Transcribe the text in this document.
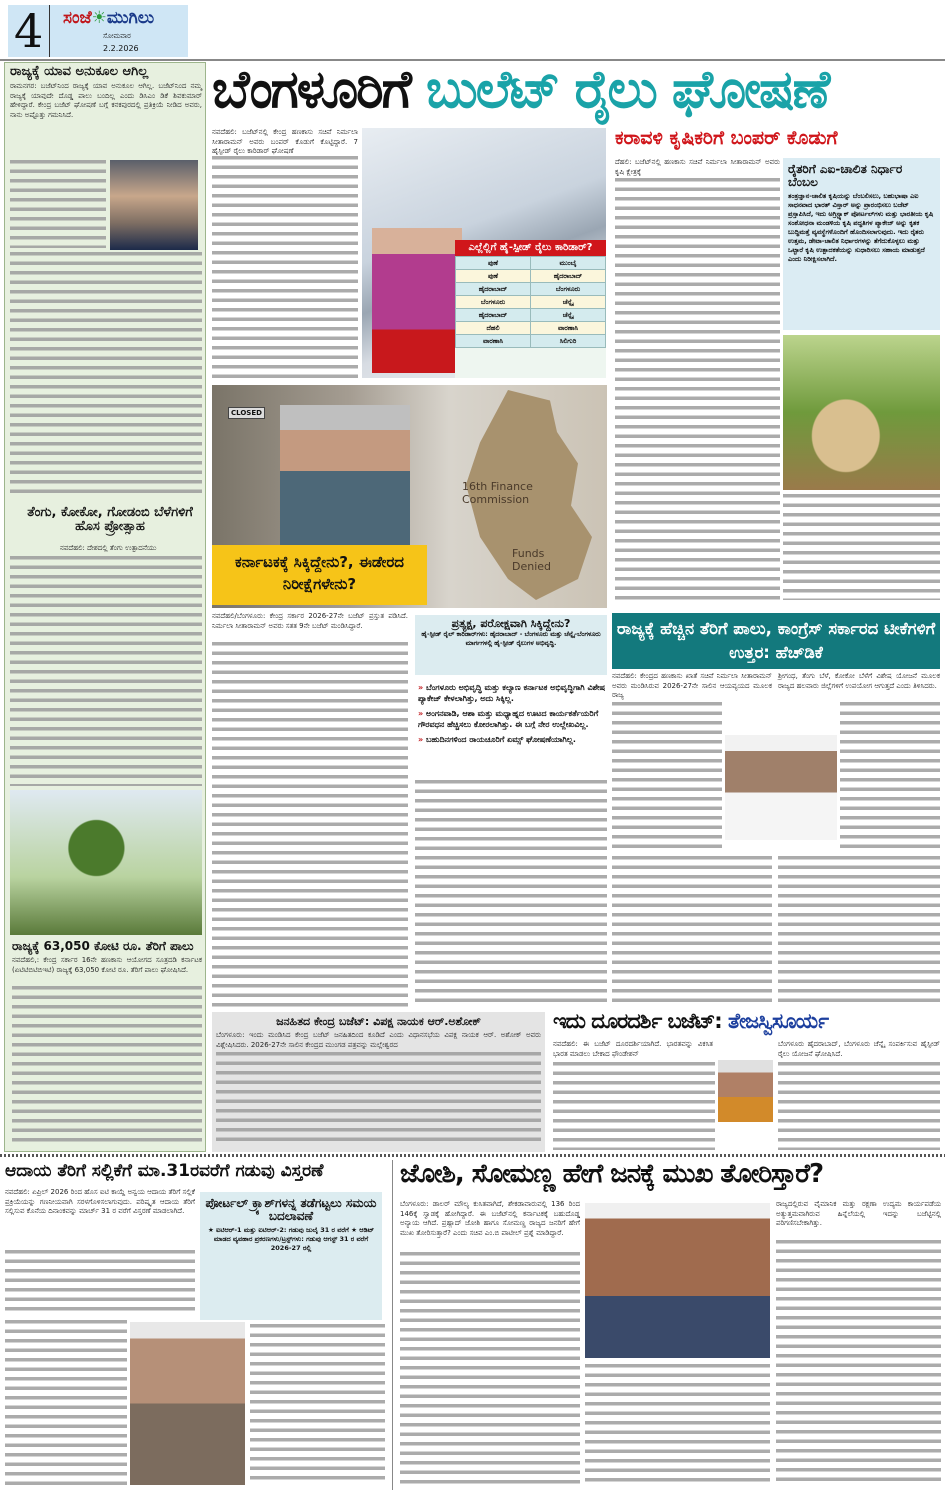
4	ಸಂಜೆ☀ಮುಗಿಲು
ಸೋಮವಾರ
2.2.2026
ರಾಜ್ಯಕ್ಕೆ ಯಾವ ಅನುಕೂಲ ಆಗಿಲ್ಲ
ರಾಮನಗರ: ಬಜೆಟ್‌ನಿಂದ ರಾಜ್ಯಕ್ಕೆ ಯಾವ ಅನುಕೂಲ ಆಗಿಲ್ಲ. ಬಜೆಟ್‌ನಿಂದ ನಮ್ಮ ರಾಜ್ಯಕ್ಕೆ ಯಾವುದೇ ದೊಡ್ಡ ಪಾಲು ಬಂದಿಲ್ಲ ಎಂದು ಡಿಸಿಎಂ ಡಿಕೆ ಶಿವಕುಮಾರ್ ಹೇಳಿದ್ದಾರೆ. ಕೇಂದ್ರ ಬಜೆಟ್ ಘೋಷಣೆ ಬಗ್ಗೆ ಕನಕಪುರದಲ್ಲಿ ಪ್ರತಿಕ್ರಿಯೆ ನೀಡಿದ ಅವರು, ನಾನು ಅಷ್ಟೊತ್ತು ಗಮನಿಸಿದೆ.
ತೆಂಗು, ಕೋಕೋ, ಗೋಡಂಬಿ ಬೆಳೆಗಳಿಗೆ ಹೊಸ ಪ್ರೋತ್ಸಾಹ
ನವದೆಹಲಿ: ದೇಶದಲ್ಲಿ ತೆಂಗು ಉತ್ಪಾದನೆಯು
ರಾಜ್ಯಕ್ಕೆ 63,050 ಕೋಟಿ ರೂ. ತೆರಿಗೆ ಪಾಲು
ನವದೆಹಲಿ,: ಕೇಂದ್ರ ಸರ್ಕಾರ 16ನೇ ಹಣಕಾಸು ಆಯೋಗದ ಸೂತ್ರದಡಿ ಕರ್ನಾಟಕ (ಏಟಿಟಿಬಿಟಿಬಿಇಟಿ) ರಾಜ್ಯಕ್ಕೆ 63,050 ಕೋಟಿ ರೂ. ತೆರಿಗೆ ಪಾಲು ಘೋಷಿಸಿದೆ.
ಬೆಂಗಳೂರಿಗೆ ಬುಲೆಟ್ ರೈಲು ಘೋಷಣೆ
ನವದೆಹಲಿ: ಬಜೆಟ್‌ನಲ್ಲಿ ಕೇಂದ್ರ ಹಣಕಾಸು ಸಚಿವೆ ನಿರ್ಮಲಾ ಸೀತಾರಾಮನ್ ಅವರು ಬಂಪರ್ ಕೊಡುಗೆ ಕೊಟ್ಟಿದ್ದಾರೆ. 7 ಹೈಸ್ಪೀಡ್ ರೈಲು ಕಾರಿಡಾರ್ ಘೋಷಣೆ
ಎಲ್ಲೆಲ್ಲಿಗೆ ಹೈ-ಸ್ಪೀಡ್ ರೈಲು ಕಾರಿಡಾರ್?
ಪುಣೆ	ಮುಂಬೈ
ಪುಣೆ	ಹೈದರಾಬಾದ್
ಹೈದರಾಬಾದ್	ಬೆಂಗಳೂರು
ಬೆಂಗಳೂರು	ಚೆನ್ನೈ
ಹೈದರಾಬಾದ್	ಚೆನ್ನೈ
ದೆಹಲಿ	ವಾರಣಾಸಿ
ವಾರಣಾಸಿ	ಸಿಲಿಗುರಿ
ಕರಾವಳಿ ಕೃಷಿಕರಿಗೆ ಬಂಪರ್ ಕೊಡುಗೆ
ದೆಹಲಿ: ಬಜೆಟ್‌ನಲ್ಲಿ ಹಣಕಾಸು ಸಚಿವೆ ನಿರ್ಮಲಾ ಸೀತಾರಾಮನ್ ಅವರು ಕೃಷಿ ಕ್ಷೇತ್ರಕ್ಕೆ	ರೈತರಿಗೆ ಎಐ-ಚಾಲಿತ ನಿರ್ಧಾರ ಬೆಂಬಲ
ತಂತ್ರಜ್ಞಾನ-ಚಾಲಿತ ಕೃಷಿಯನ್ನು ಬೆಂಬಲಿಸಲು, ಬಹುಭಾಷಾ ಎಐ ಸಾಧನವಾದ ಭಾರತ್ ವಿಸ್ತಾರ್ ಅನ್ನು ಪ್ರಾರಂಭಿಸಲು ಬಜೆಟ್ ಪ್ರಸ್ತಾಪಿಸಿದೆ, ಇದು ಅಗ್ರಿಸ್ಟ್ಯಾಕ್ ಪೋರ್ಟಲ್‌ಗಳು ಮತ್ತು ಭಾರತೀಯ ಕೃಷಿ ಸಂಶೋಧನಾ ಮಂಡಳಿಯ ಕೃಷಿ ಪದ್ಧತಿಗಳ ಪ್ಯಾಕೇಜ್ ಅನ್ನು ಕೃತಕ ಬುದ್ಧಿಮತ್ತೆ ವ್ಯವಸ್ಥೆಗಳೊಂದಿಗೆ ಹೊಂದಿಸಲಾಗುವುದು. ಇದು ರೈತರು ಉತ್ತಮ, ಡೇಟಾ-ಚಾಲಿತ ನಿರ್ಧಾರಗಳನ್ನು ತೆಗೆದುಕೊಳ್ಳಲು ಮತ್ತು ಒಟ್ಟಾರೆ ಕೃಷಿ ಉತ್ಪಾದಕತೆಯನ್ನು ಸುಧಾರಿಸಲು ಸಹಾಯ ಮಾಡುತ್ತದೆ ಎಂದು ನಿರೀಕ್ಷಿಸಲಾಗಿದೆ.
CLOSED
16th Finance Commission
Funds Denied
ಕರ್ನಾಟಕಕ್ಕೆ ಸಿಕ್ಕಿದ್ದೇನು?, ಈಡೇರದ ನಿರೀಕ್ಷೆಗಳೇನು?
ನವದೆಹಲಿ/ಬೆಂಗಳೂರು: ಕೇಂದ್ರ ಸರ್ಕಾರ 2026-27ನೇ ಬಜೆಟ್ ಪ್ರಸ್ತುತ ಪಡಿಸಿದೆ. ನಿರ್ಮಲಾ ಸೀತಾರಾಮನ್ ಅವರು ಸತತ 9ನೇ ಬಜೆಟ್ ಮಂಡಿಸಿದ್ದಾರೆ.	ಪ್ರತ್ಯಕ್ಷ, ಪರೋಕ್ಷವಾಗಿ ಸಿಕ್ಕಿದ್ದೇನು?
ಹೈ-ಸ್ಪೀಡ್ ರೈಲ್ ಕಾರಿಡಾರ್‌ಗಳು: ಹೈದರಾಬಾದ್ - ಬೆಂಗಳೂರು ಮತ್ತು ಚೆನ್ನೈ-ಬೆಂಗಳೂರು ಮಾರ್ಗಗಳಲ್ಲಿ ಹೈ-ಸ್ಪೀಡ್ ರೈಲುಗಳ ಅಭಿವೃದ್ಧಿ.
» ಬೆಂಗಳೂರು ಅಭಿವೃದ್ಧಿ ಮತ್ತು ಕಲ್ಯಾಣ ಕರ್ನಾಟಕ ಅಭಿವೃದ್ಧಿಗಾಗಿ ವಿಶೇಷ ಪ್ಯಾಕೇಜ್ ಕೇಳಲಾಗಿತ್ತು, ಅದು ಸಿಕ್ಕಿಲ್ಲ.
» ಅಂಗನವಾಡಿ, ಆಶಾ ಮತ್ತು ಮಧ್ಯಾಹ್ನದ ಊಟದ ಕಾರ್ಯಕರ್ತೆಯರಿಗೆ ಗೌರವಧನ ಹೆಚ್ಚಿಸಲು ಕೋರಲಾಗಿತ್ತು. ಈ ಬಗ್ಗೆ ನೇರ ಉಲ್ಲೇಖವಿಲ್ಲ.
» ಬಹುದಿನಗಳಿಂದ ರಾಯಚೂರಿಗೆ ಏಮ್ಸ್ ಘೋಷಣೆಯಾಗಿಲ್ಲ.
ರಾಜ್ಯಕ್ಕೆ ಹೆಚ್ಚಿನ ತೆರಿಗೆ ಪಾಲು, ಕಾಂಗ್ರೆಸ್ ಸರ್ಕಾರದ ಟೀಕೆಗಳಿಗೆ ಉತ್ತರ: ಹೆಚ್‌ಡಿಕೆ
ನವದೆಹಲಿ: ಕೇಂದ್ರದ ಹಣಕಾಸು ಖಾತೆ ಸಚಿವೆ ನಿರ್ಮಲಾ ಸೀತಾರಾಮನ್ ಅವರು ಮಂಡಿಸಿರುವ 2026-27ನೇ ಸಾಲಿನ ಆಯವ್ಯಯದ ಮೂಲಕ ರಾಜ್ಯ
ಶ್ರೀಗಂಧ, ತೆಂಗು ಬೆಳೆ, ಕೋಕೋ ಬೆಳೆಗೆ ವಿಶೇಷ ಯೋಜನೆ ಮೂಲಕ ರಾಜ್ಯದ ಹಲವಾರು ಜಿಲ್ಲೆಗಳಿಗೆ ಉಪಯೋಗ ಆಗುತ್ತದೆ ಎಂದು ತಿಳಿಸಿದರು.
ಜನಹಿತದ ಕೇಂದ್ರ ಬಜೆಟ್: ವಿಪಕ್ಷ ನಾಯಕ ಆರ್.ಅಶೋಕ್
ಬೆಂಗಳೂರು: ಇಂದು ಮಂಡಿಸಿದ ಕೇಂದ್ರ ಬಜೆಟ್ ಜನಹಿತದಿಂದ ಕೂಡಿದೆ ಎಂದು ವಿಧಾನಸಭೆಯ ವಿಪಕ್ಷ ನಾಯಕ ಆರ್. ಅಶೋಕ್ ಅವರು ವಿಶ್ಲೇಷಿಸಿದರು. 2026-27ನೇ ಸಾಲಿನ ಕೇಂದ್ರದ ಮುಂಗಡ ಪತ್ರವನ್ನು ಮಲ್ಲೇಶ್ವರದ
ಇದು ದೂರದರ್ಶಿ ಬಜೆಟ್: ತೇಜಸ್ವಿಸೂರ್ಯ
ನವದೆಹಲಿ: ಈ ಬಜೆಟ್ ದೂರದರ್ಶಿಯಾಗಿದೆ. ಭಾರತವನ್ನು ವಿಕಸಿತ ಭಾರತ ಮಾಡಲು ಬೇಕಾದ ಫೌಂಡೇಶನ್
ಬೆಂಗಳೂರು ಹೈದರಾಬಾದ್, ಬೆಂಗಳೂರು ಚೆನ್ನೈ ಸಂಪರ್ಕಿಸುವ ಹೈಸ್ಪೀಡ್ ರೈಲು ಯೋಜನೆ ಘೋಷಿಸಿದೆ.
ಆದಾಯ ತೆರಿಗೆ ಸಲ್ಲಿಕೆಗೆ ಮಾ.31ರವರೆಗೆ ಗಡುವು ವಿಸ್ತರಣೆ
ನವದೆಹಲಿ: ಏಪ್ರಿಲ್ 2026 ರಿಂದ ಹೊಸ ಐಟಿ ಕಾಯ್ದೆ ಅನ್ವಯ ಆದಾಯ ತೆರಿಗೆ ಸಲ್ಲಿಕೆ ಪ್ರಕ್ರಿಯೆಯನ್ನು ಗಣನೀಯವಾಗಿ ಸರಳಗೊಳಿಸಲಾಗುವುದು. ಪರಿಷ್ಕೃತ ಆದಾಯ ತೆರಿಗೆ ಸಲ್ಲಿಸುವ ಕೊನೆಯ ದಿನಾಂಕವನ್ನು ಮಾರ್ಚ್ 31 ರ ವರೆಗೆ ವಿಸ್ತರಣೆ ಮಾಡಲಾಗಿದೆ.
ಪೋರ್ಟಲ್ ಕ್ರ್ಯಾಶ್‌ಗಳನ್ನ ತಡೆಗಟ್ಟಲು ಸಮಯ ಬದಲಾವಣೆ
★ ಐಟಿಆರ್-1 ಮತ್ತು ಐಟಿಆರ್-2: ಗಡುವು ಜುಲೈ 31 ರ ವರೆಗೆ ★ ಆಡಿಟ್ ಮಾಡದ ವ್ಯವಹಾರ ಪ್ರಕರಣಗಳು/ಟ್ರಸ್ಟ್‌ಗಳು: ಗಡುವು ಆಗಸ್ಟ್ 31 ರ ವರೆಗೆ 2026-27 ರಲ್ಲಿ
ಜೋಶಿ, ಸೋಮಣ್ಣ ಹೇಗೆ ಜನಕ್ಕೆ ಮುಖ ತೋರಿಸ್ತಾರೆ?
ಬೆಂಗಳೂರು: ಡಾಲರ್ ಮೌಲ್ಯ ಕುಸಿತವಾಗಿದೆ, ಶೇಕಡಾವಾರುವಲ್ಲಿ 136 ರಿಂದ 146ಕ್ಕೆ ಸ್ವಾಡಕ್ಕೆ ಹೋಗಿದ್ದಾರೆ. ಈ ಬಜೆಟ್‌ನಲ್ಲಿ ಕರ್ನಾಟಕಕ್ಕೆ ಬಹುದೊಡ್ಡ ಅನ್ಯಾಯ ಆಗಿದೆ. ಪ್ರಹ್ಲಾದ್ ಜೋಶಿ ಹಾಗೂ ಸೋಮಣ್ಣ ರಾಜ್ಯದ ಜನರಿಗೆ ಹೇಗೆ ಮುಖ ತೋರಿಸುತ್ತಾರೆ? ಎಂದು ಸಚಿವ ಎಂ.ಬಿ ಪಾಟೀಲ್ ಪ್ರಶ್ನೆ ಮಾಡಿದ್ದಾರೆ.
ರಾಜ್ಯದಲ್ಲಿರುವ ವೈಮಾನಿಕ ಮತ್ತು ರಕ್ಷಣಾ ಉದ್ಯಮ ಕಾರ್ಯಪಡೆಯ ಅತ್ಯುತ್ತಮವಾಗಿರುವ ಹಿನ್ನೆಲೆಯಲ್ಲಿ ಇದನ್ನು ಬಜೆಟ್ಟಿನಲ್ಲಿ ಪರಿಗಣಿಸಬೇಕಾಗಿತ್ತು.
